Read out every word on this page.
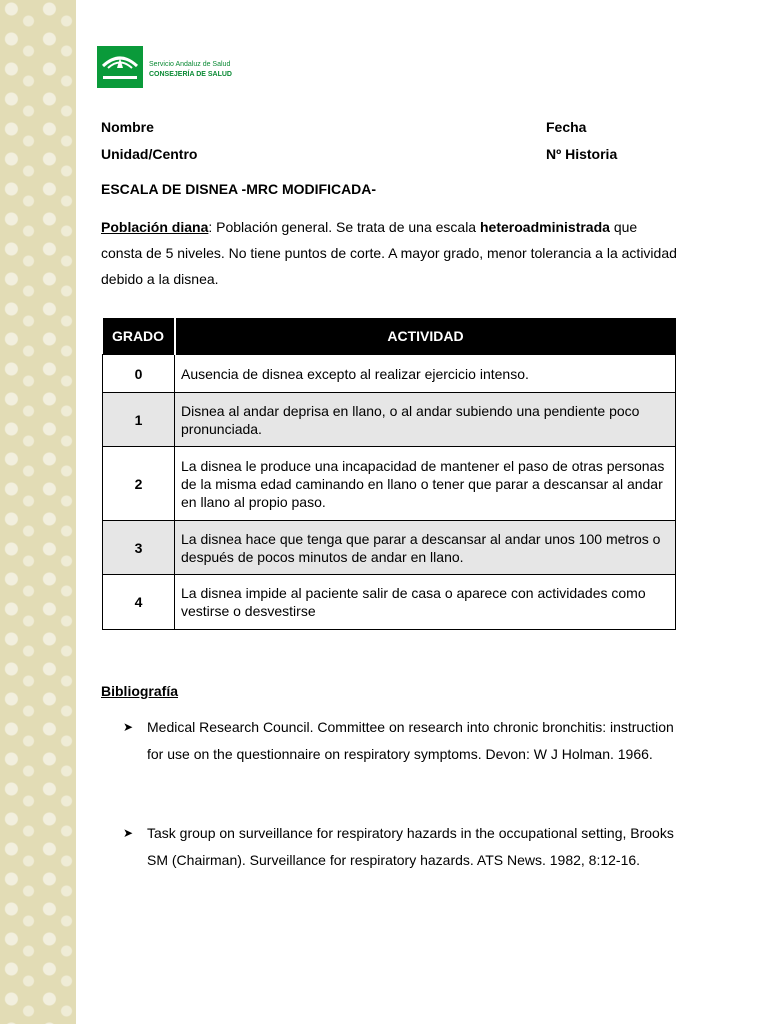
Servicio Andaluz de Salud
CONSEJERÍA DE SALUD
Nombre	Fecha
Unidad/Centro	Nº Historia
ESCALA DE DISNEA -MRC MODIFICADA-
Población diana: Población general. Se trata de una escala heteroadministrada que consta de 5 niveles. No tiene puntos de corte. A mayor grado, menor tolerancia a la actividad debido a la disnea.
GRADO	ACTIVIDAD
0	Ausencia de disnea excepto al realizar ejercicio intenso.
1	Disnea al andar deprisa en llano, o al andar subiendo una pendiente poco pronunciada.
2	La disnea le produce una incapacidad de mantener el paso de otras personas de la misma edad caminando en llano o tener que parar a descansar al andar en llano al propio paso.
3	La disnea hace que tenga que parar a descansar al andar unos 100 metros o después de pocos minutos de andar en llano.
4	La disnea impide al paciente salir de casa o aparece con actividades como vestirse o desvestirse
Bibliografía
➤ Medical Research Council. Committee on research into chronic bronchitis: instruction for use on the questionnaire on respiratory symptoms. Devon: W J Holman. 1966.
➤ Task group on surveillance for respiratory hazards in the occupational setting, Brooks SM (Chairman). Surveillance for respiratory hazards. ATS News. 1982, 8:12-16.
